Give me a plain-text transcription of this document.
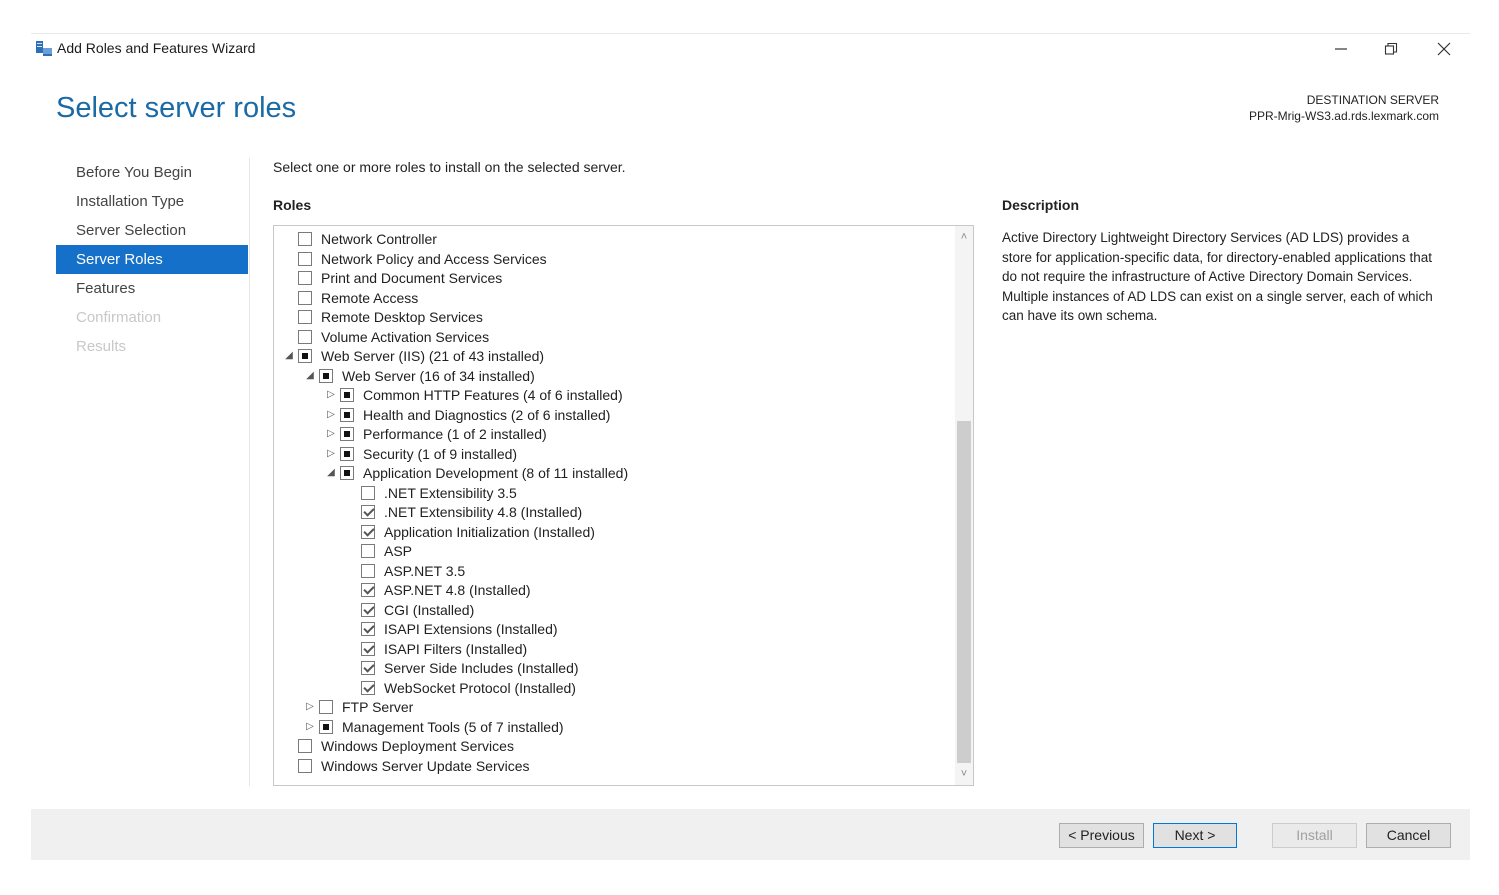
Add Roles and Features Wizard
Select server roles	DESTINATION SERVER
PPR-Mrig-WS3.ad.rds.lexmark.com
Before You Begin
Installation Type
Server Selection
Server Roles
Features
Confirmation
Results
Select one or more roles to install on the selected server.
Roles
Network Controller
Network Policy and Access Services
Print and Document Services
Remote Access
Remote Desktop Services
Volume Activation Services
◢ Web Server (IIS) (21 of 43 installed)
◢ Web Server (16 of 34 installed)
▷ Common HTTP Features (4 of 6 installed)
▷ Health and Diagnostics (2 of 6 installed)
▷ Performance (1 of 2 installed)
▷ Security (1 of 9 installed)
◢ Application Development (8 of 11 installed)
.NET Extensibility 3.5
.NET Extensibility 4.8 (Installed)
Application Initialization (Installed)
ASP
ASP.NET 3.5
ASP.NET 4.8 (Installed)
CGI (Installed)
ISAPI Extensions (Installed)
ISAPI Filters (Installed)
Server Side Includes (Installed)
WebSocket Protocol (Installed)
▷ FTP Server
▷ Management Tools (5 of 7 installed)
Windows Deployment Services
Windows Server Update Services
˄
˅
Description
Active Directory Lightweight Directory Services (AD LDS) provides a store for application-specific data, for directory-enabled applications that do not require the infrastructure of Active Directory Domain Services. Multiple instances of AD LDS can exist on a single server, each of which can have its own schema.
< Previous	Next >	Install	Cancel
